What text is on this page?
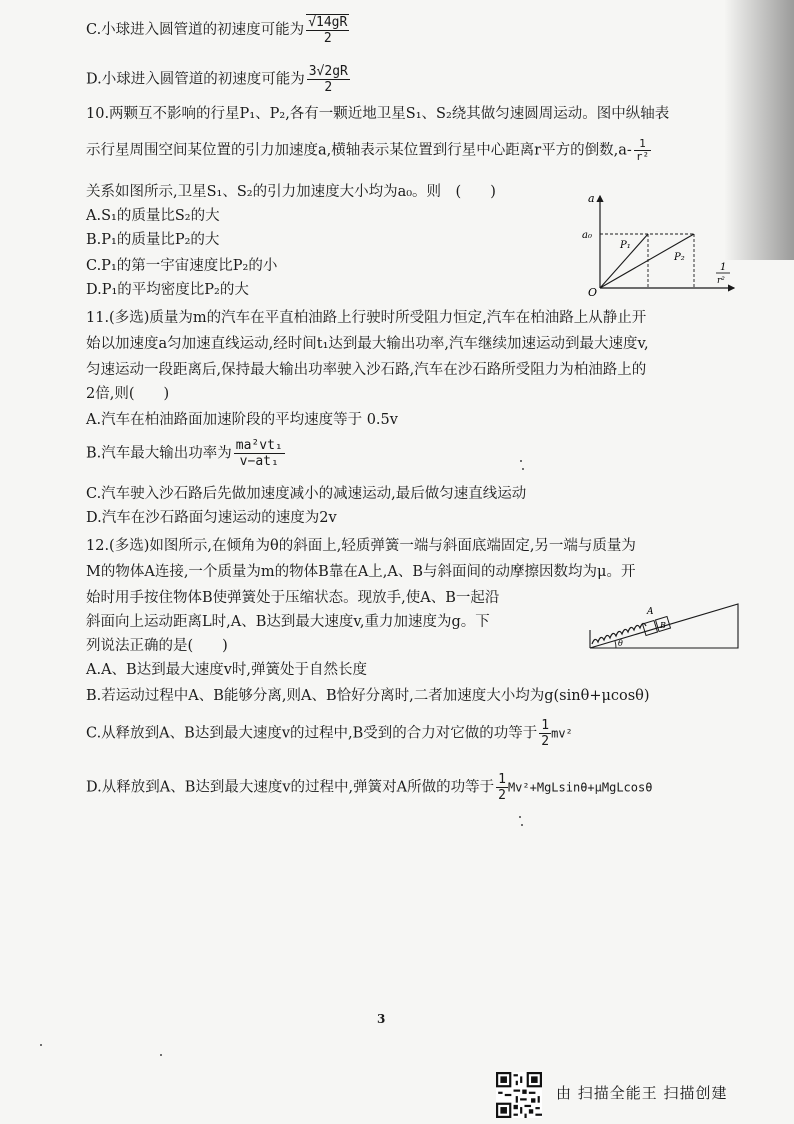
C.小球进入圆管道的初速度可能为 $\frac{√14gR}{2}$
D.小球进入圆管道的初速度可能为 $\frac{3√2gR}{2}$
10.两颗互不影响的行星P₁、P₂,各有一颗近地卫星S₁、S₂绕其做匀速圆周运动。图中纵轴表
示行星周围空间某位置的引力加速度a,横轴表示某位置到行星中心距离r平方的倒数$,a- \frac{1}{\text{r²}}$
关系如图所示,卫星S₁、S₂的引力加速度大小均为a₀。则　(　　)
A.S₁的质量比S₂的大
B.P₁的质量比P₂的大
C.P₁的第一宇宙速度比P₂的小
D.P₁的平均密度比P₂的大
a
a₀
O
P₁
P₂
1
r²
11.(多选)质量为m的汽车在平直柏油路上行驶时所受阻力恒定,汽车在柏油路上从静止开
始以加速度a匀加速直线运动,经时间t₁达到最大输出功率,汽车继续加速运动到最大速度v,
匀速运动一段距离后,保持最大输出功率驶入沙石路,汽车在沙石路所受阻力为柏油路上的
2倍,则(　　)
A.汽车在柏油路面加速阶段的平均速度等于 0.5v
B.汽车最大输出功率为 $\frac{\text{ma²vt₁}}{\text{v−at₁}}$
C.汽车驶入沙石路后先做加速度减小的减速运动,最后做匀速直线运动
D.汽车在沙石路面匀速运动的速度为2v
12.(多选)如图所示,在倾角为θ的斜面上,轻质弹簧一端与斜面底端固定,另一端与质量为
M的物体A连接,一个质量为m的物体B靠在A上,A、B与斜面间的动摩擦因数均为μ。开
始时用手按住物体B使弹簧处于压缩状态。现放手,使A、B一起沿
斜面向上运动距离L时,A、B达到最大速度v,重力加速度为g。下
列说法正确的是(　　)
A.A、B达到最大速度v时,弹簧处于自然长度
B.若运动过程中A、B能够分离,则A、B恰好分离时,二者加速度大小均为g(sinθ+μcosθ)
C.从释放到A、B达到最大速度v的过程中,B受到的合力对它做的功等于 $\frac{1}{2} mv^2$
D.从释放到A、B达到最大速度v的过程中,弹簧对A所做的功等于 $\frac{1}{2} Mv^2+MgLsin\theta+\mu MgLcos\theta$
A
B
θ
3
由 扫描全能王 扫描创建
